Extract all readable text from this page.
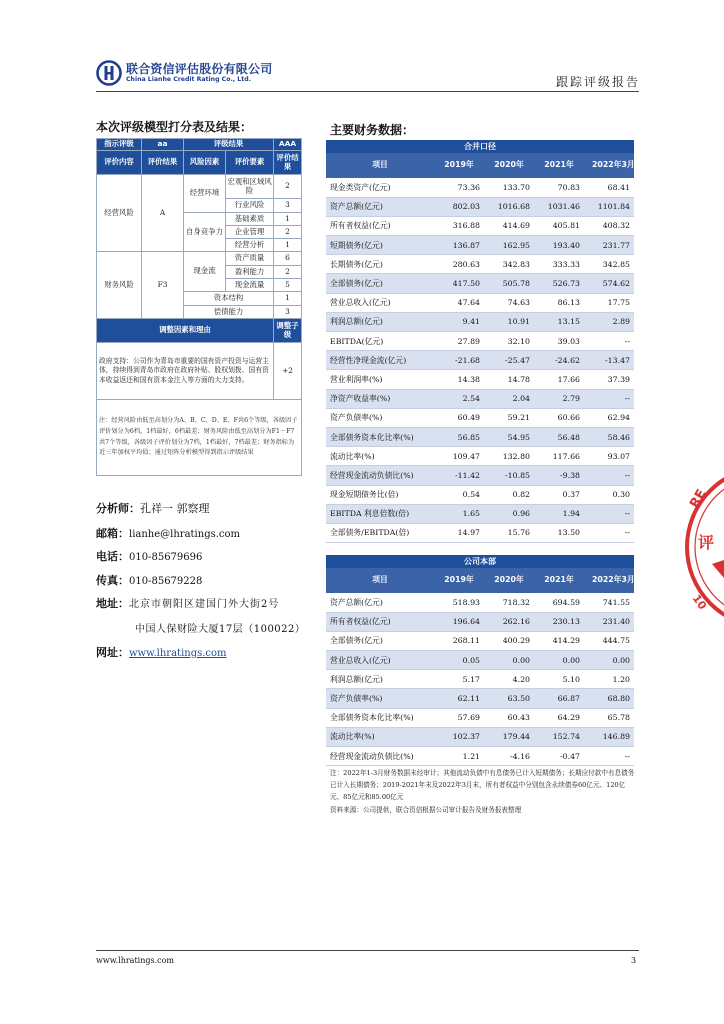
联合资信评估股份有限公司
China Lianhe Credit Rating Co., Ltd.	跟踪评级报告
本次评级模型打分表及结果：
指示评级	aa	评级结果		AAA
评价内容	评价结果	风险因素	评价要素	评价结果
经营风险	A	经营环境	宏观和区域风险	2
			行业风险	3
		自身竞争力	基础素质	1
			企业管理	2
			经营分析	1
财务风险	F3	现金流	资产质量	6
			盈利能力	2
			现金流量	5
		资本结构		1
		偿债能力		3
调整因素和理由				调整子级
政府支持：公司作为青岛市重要的国有资产投资与运营主体，持续得到青岛市政府在政府补贴、股权划拨、国有资本收益返还和国有资本金注入等方面的大力支持。				+2
注：经营风险由低至高划分为A、B、C、D、E、F共6个等级，各级因子评价划分为6档，1档最好，6档最差；财务风险由低至高划分为F1－F7共7个等级，各级因子评价划分为7档，1档最好，7档最差；财务指标为近三年加权平均值；通过矩阵分析模型得到指示评级结果				
分析师：孔祥一 郭察理
邮箱：lianhe@lhratings.com
电话：010-85679696
传真：010-85679228
地址：北京市朝阳区建国门外大街2号
中国人保财险大厦17层（100022）
网址：www.lhratings.com
主要财务数据：
合并口径				
项目	2019年	2020年	2021年	2022年3月
现金类资产(亿元)	73.36	133.70	70.83	68.41
资产总额(亿元)	802.03	1016.68	1031.46	1101.84
所有者权益(亿元)	316.88	414.69	405.81	408.32
短期债务(亿元)	136.87	162.95	193.40	231.77
长期债务(亿元)	280.63	342.83	333.33	342.85
全部债务(亿元)	417.50	505.78	526.73	574.62
营业总收入(亿元)	47.64	74.63	86.13	17.75
利润总额(亿元)	9.41	10.91	13.15	2.89
EBITDA(亿元)	27.89	32.10	39.03	--
经营性净现金流(亿元)	-21.68	-25.47	-24.62	-13.47
营业利润率(%)	14.38	14.78	17.66	37.39
净资产收益率(%)	2.54	2.04	2.79	--
资产负债率(%)	60.49	59.21	60.66	62.94
全部债务资本化比率(%)	56.85	54.95	56.48	58.46
流动比率(%)	109.47	132.80	117.66	93.07
经营现金流动负债比(%)	-11.42	-10.85	-9.38	--
现金短期债务比(倍)	0.54	0.82	0.37	0.30
EBITDA 利息倍数(倍)	1.65	0.96	1.94	--
全部债务/EBITDA(倍)	14.97	15.76	13.50	--
公司本部				
项目	2019年	2020年	2021年	2022年3月
资产总额(亿元)	518.93	718.32	694.59	741.55
所有者权益(亿元)	196.64	262.16	230.13	231.40
全部债务(亿元)	268.11	400.29	414.29	444.75
营业总收入(亿元)	0.05	0.00	0.00	0.00
利润总额(亿元)	5.17	4.20	5.10	1.20
资产负债率(%)	62.11	63.50	66.87	68.80
全部债务资本化比率(%)	57.69	60.43	64.29	65.78
流动比率(%)	102.37	179.44	152.74	146.89
经营现金流动负债比(%)	1.21	-4.16	-0.47	--
注：2022年1-3月财务数据未经审计；其他流动负债中有息债务已计入短期债务；长期应付款中有息债务已计入长期债务；2019-2021年末及2022年3月末，所有者权益中分别包含永续债券60亿元、120亿元、85亿元和85.00亿元
资料来源：公司提供，联合资信根据公司审计报告及财务报表整理
RE
评
10
www.lhratings.com	3
